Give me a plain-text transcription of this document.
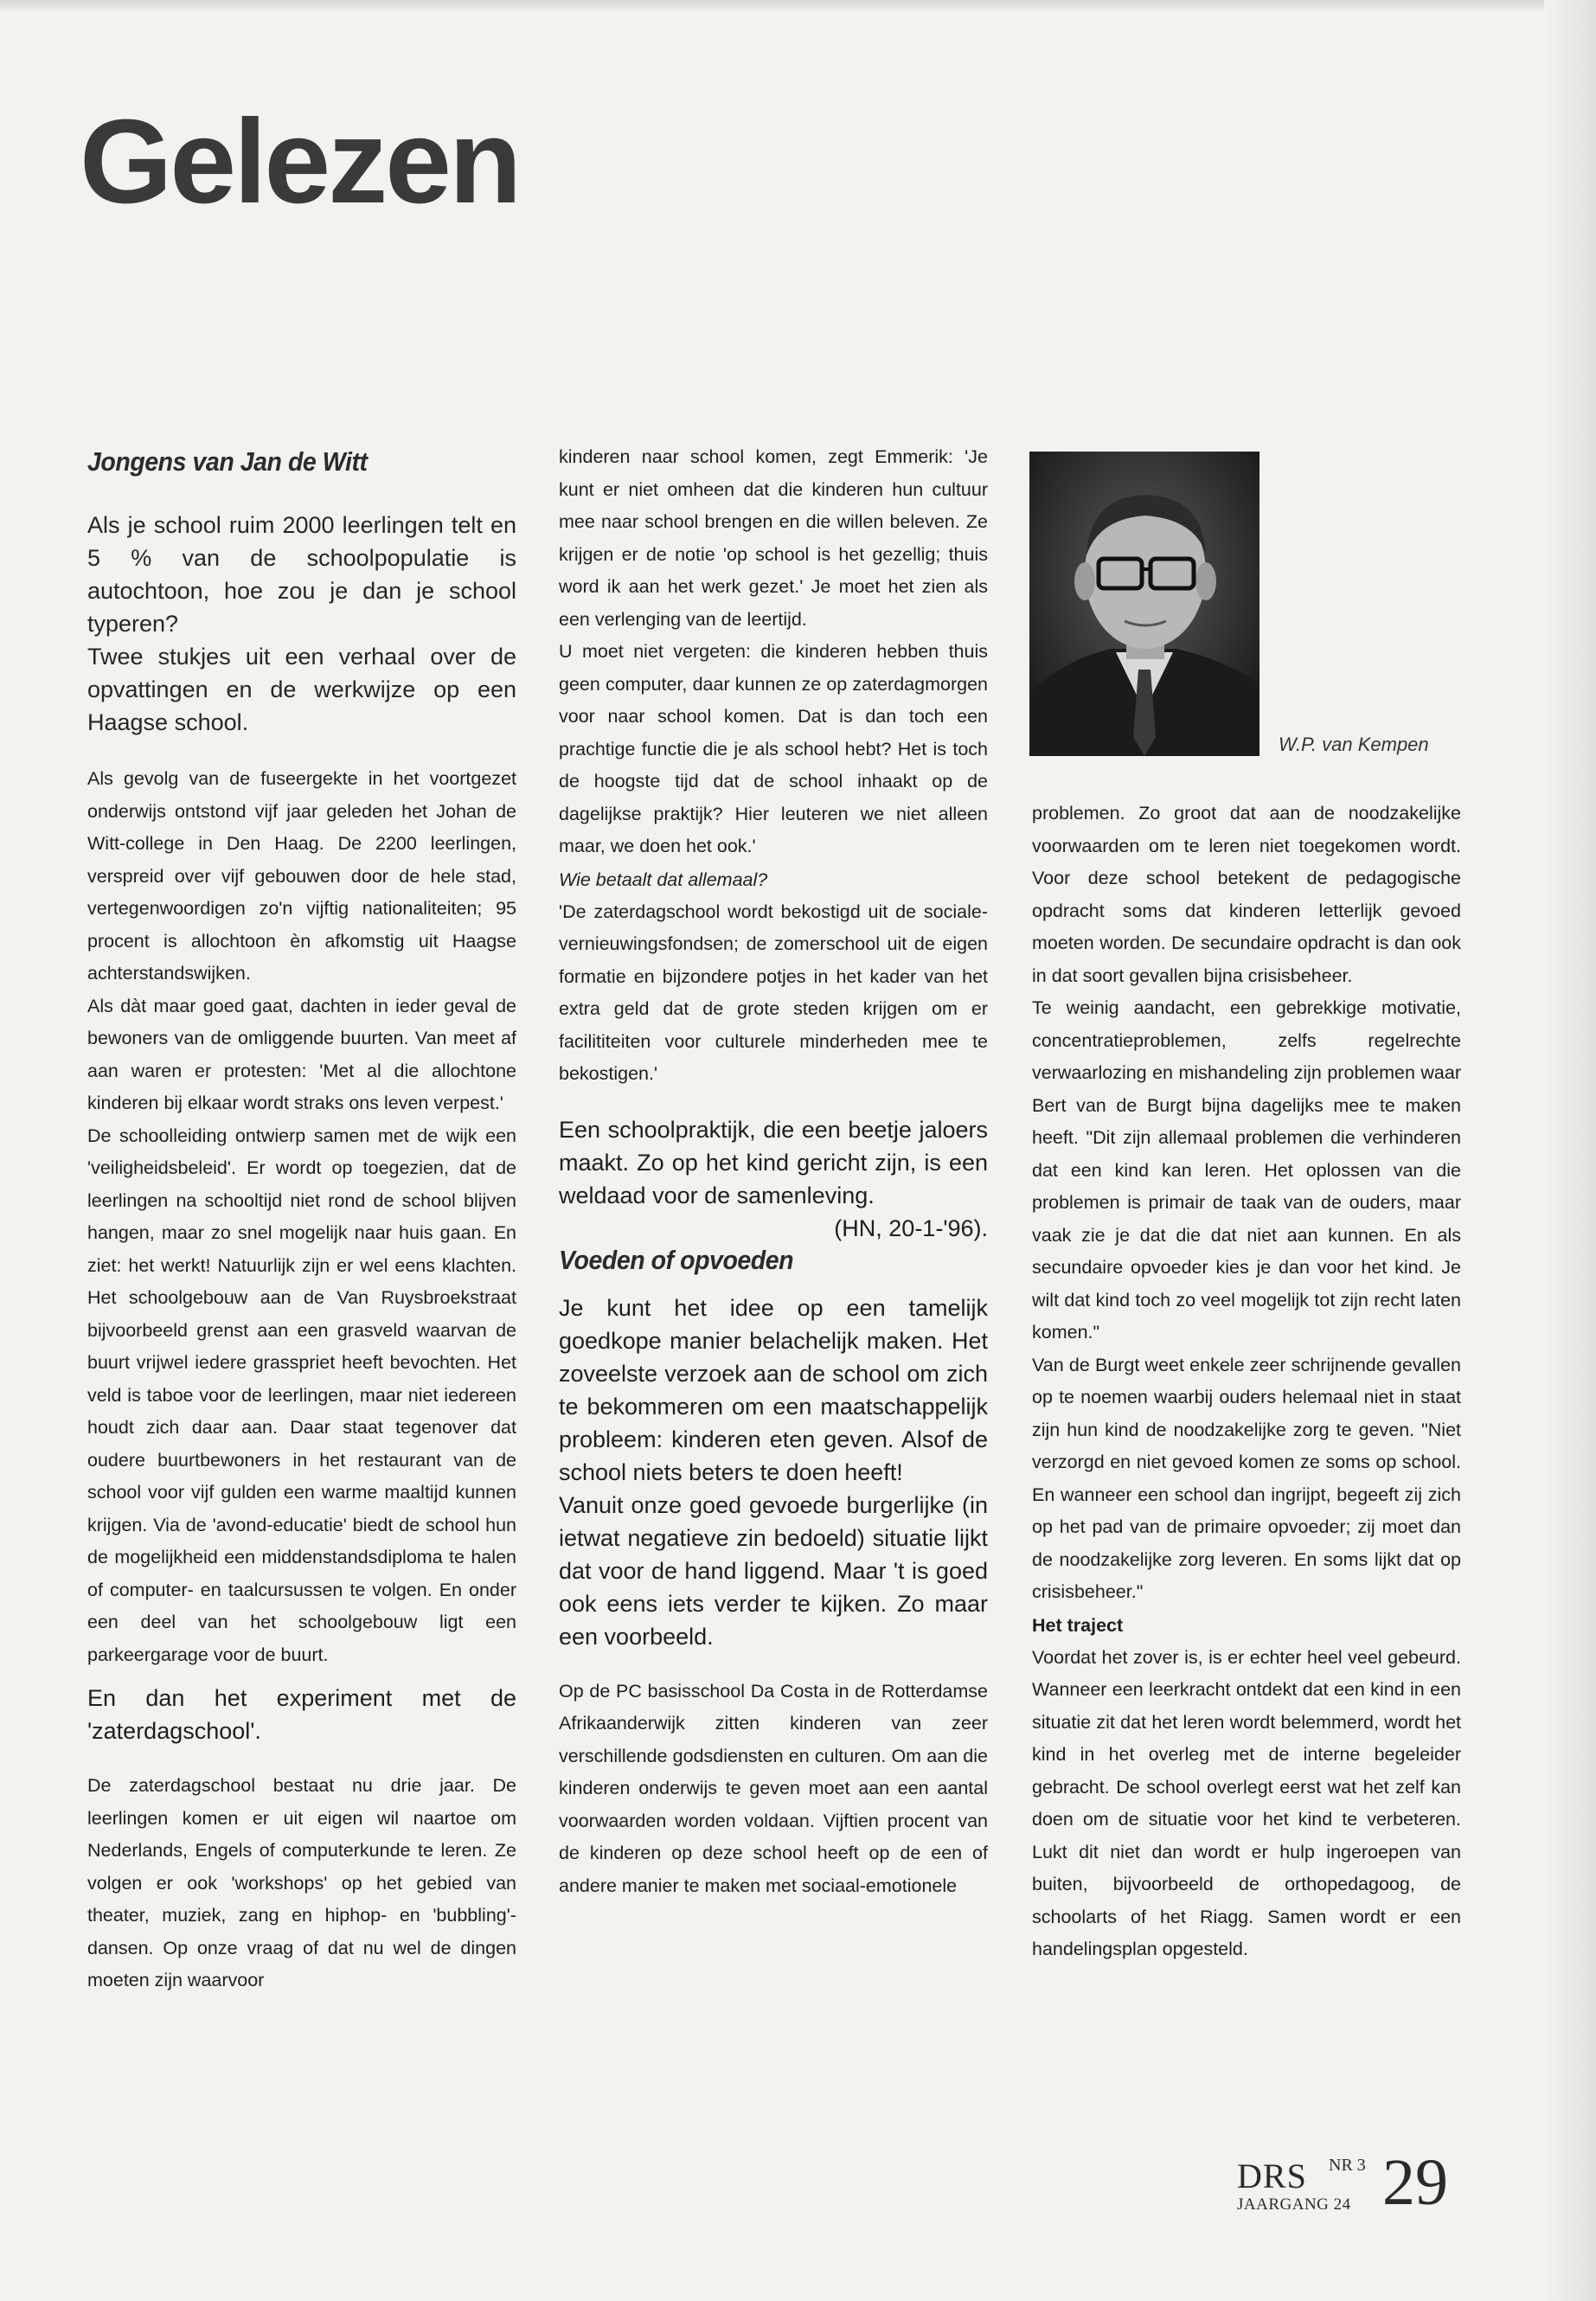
Gelezen
Jongens van Jan de Witt

Als je school ruim 2000 leerlingen telt en 5 % van de schoolpopulatie is autochtoon, hoe zou je dan je school typeren?

Twee stukjes uit een verhaal over de opvattingen en de werkwijze op een Haagse school.

Als gevolg van de fuseergekte in het voortgezet onderwijs ontstond vijf jaar geleden het Johan de Witt-college in Den Haag. De 2200 leerlingen, verspreid over vijf gebouwen door de hele stad, vertegenwoordigen zo'n vijftig nationaliteiten; 95 procent is allochtoon èn afkomstig uit Haagse achterstandswijken.

Als dàt maar goed gaat, dachten in ieder geval de bewoners van de omliggende buurten. Van meet af aan waren er protesten: 'Met al die allochtone kinderen bij elkaar wordt straks ons leven verpest.'

De schoolleiding ontwierp samen met de wijk een 'veiligheidsbeleid'. Er wordt op toegezien, dat de leerlingen na schooltijd niet rond de school blijven hangen, maar zo snel mogelijk naar huis gaan. En ziet: het werkt! Natuurlijk zijn er wel eens klachten. Het schoolgebouw aan de Van Ruysbroekstraat bijvoorbeeld grenst aan een grasveld waarvan de buurt vrijwel iedere grasspriet heeft bevochten. Het veld is taboe voor de leerlingen, maar niet iedereen houdt zich daar aan. Daar staat tegenover dat oudere buurtbewoners in het restaurant van de school voor vijf gulden een warme maaltijd kunnen krijgen. Via de 'avond-educatie' biedt de school hun de mogelijkheid een middenstandsdiploma te halen of computer- en taalcursussen te volgen. En onder een deel van het schoolgebouw ligt een parkeergarage voor de buurt.

En dan het experiment met de 'zaterdagschool'.

De zaterdagschool bestaat nu drie jaar. De leerlingen komen er uit eigen wil naartoe om Nederlands, Engels of computerkunde te leren. Ze volgen er ook 'workshops' op het gebied van theater, muziek, zang en hiphop- en 'bubbling'-dansen. Op onze vraag of dat nu wel de dingen moeten zijn waarvoor

kinderen naar school komen, zegt Emmerik: 'Je kunt er niet omheen dat die kinderen hun cultuur mee naar school brengen en die willen beleven. Ze krijgen er de notie 'op school is het gezellig; thuis word ik aan het werk gezet.' Je moet het zien als een verlenging van de leertijd.

U moet niet vergeten: die kinderen hebben thuis geen computer, daar kunnen ze op zaterdagmorgen voor naar school komen. Dat is dan toch een prachtige functie die je als school hebt? Het is toch de hoogste tijd dat de school inhaakt op de dagelijkse praktijk? Hier leuteren we niet alleen maar, we doen het ook.'

Wie betaalt dat allemaal?

'De zaterdagschool wordt bekostigd uit de sociale-vernieuwingsfondsen; de zomerschool uit de eigen formatie en bijzondere potjes in het kader van het extra geld dat de grote steden krijgen om er facilititeiten voor culturele minderheden mee te bekostigen.'

Een schoolpraktijk, die een beetje jaloers maakt. Zo op het kind gericht zijn, is een weldaad voor de samenleving.
(HN, 20-1-'96).

Voeden of opvoeden

Je kunt het idee op een tamelijk goedkope manier belachelijk maken. Het zoveelste verzoek aan de school om zich te bekommeren om een maatschappelijk probleem: kinderen eten geven. Alsof de school niets beters te doen heeft!

Vanuit onze goed gevoede burgerlijke (in ietwat negatieve zin bedoeld) situatie lijkt dat voor de hand liggend. Maar 't is goed ook eens iets verder te kijken. Zo maar een voorbeeld.

Op de PC basisschool Da Costa in de Rotterdamse Afrikaanderwijk zitten kinderen van zeer verschillende godsdiensten en culturen. Om aan die kinderen onderwijs te geven moet aan een aantal voorwaarden worden voldaan. Vijftien procent van de kinderen op deze school heeft op de een of andere manier te maken met sociaal-emotionele

W.P. van Kempen

problemen. Zo groot dat aan de noodzakelijke voorwaarden om te leren niet toegekomen wordt. Voor deze school betekent de pedagogische opdracht soms dat kinderen letterlijk gevoed moeten worden. De secundaire opdracht is dan ook in dat soort gevallen bijna crisisbeheer.

Te weinig aandacht, een gebrekkige motivatie, concentratieproblemen, zelfs regelrechte verwaarlozing en mishandeling zijn problemen waar Bert van de Burgt bijna dagelijks mee te maken heeft. "Dit zijn allemaal problemen die verhinderen dat een kind kan leren. Het oplossen van die problemen is primair de taak van de ouders, maar vaak zie je dat die dat niet aan kunnen. En als secundaire opvoeder kies je dan voor het kind. Je wilt dat kind toch zo veel mogelijk tot zijn recht laten komen."

Van de Burgt weet enkele zeer schrijnende gevallen op te noemen waarbij ouders helemaal niet in staat zijn hun kind de noodzakelijke zorg te geven. "Niet verzorgd en niet gevoed komen ze soms op school. En wanneer een school dan ingrijpt, begeeft zij zich op het pad van de primaire opvoeder; zij moet dan de noodzakelijke zorg leveren. En soms lijkt dat op crisisbeheer."

Het traject

Voordat het zover is, is er echter heel veel gebeurd. Wanneer een leerkracht ontdekt dat een kind in een situatie zit dat het leren wordt belemmerd, wordt het kind in het overleg met de interne begeleider gebracht. De school overlegt eerst wat het zelf kan doen om de situatie voor het kind te verbeteren. Lukt dit niet dan wordt er hulp ingeroepen van buiten, bijvoorbeeld de orthopedagoog, de schoolarts of het Riagg. Samen wordt er een handelingsplan opgesteld.

DRS NR 3
JAARGANG 24 29
